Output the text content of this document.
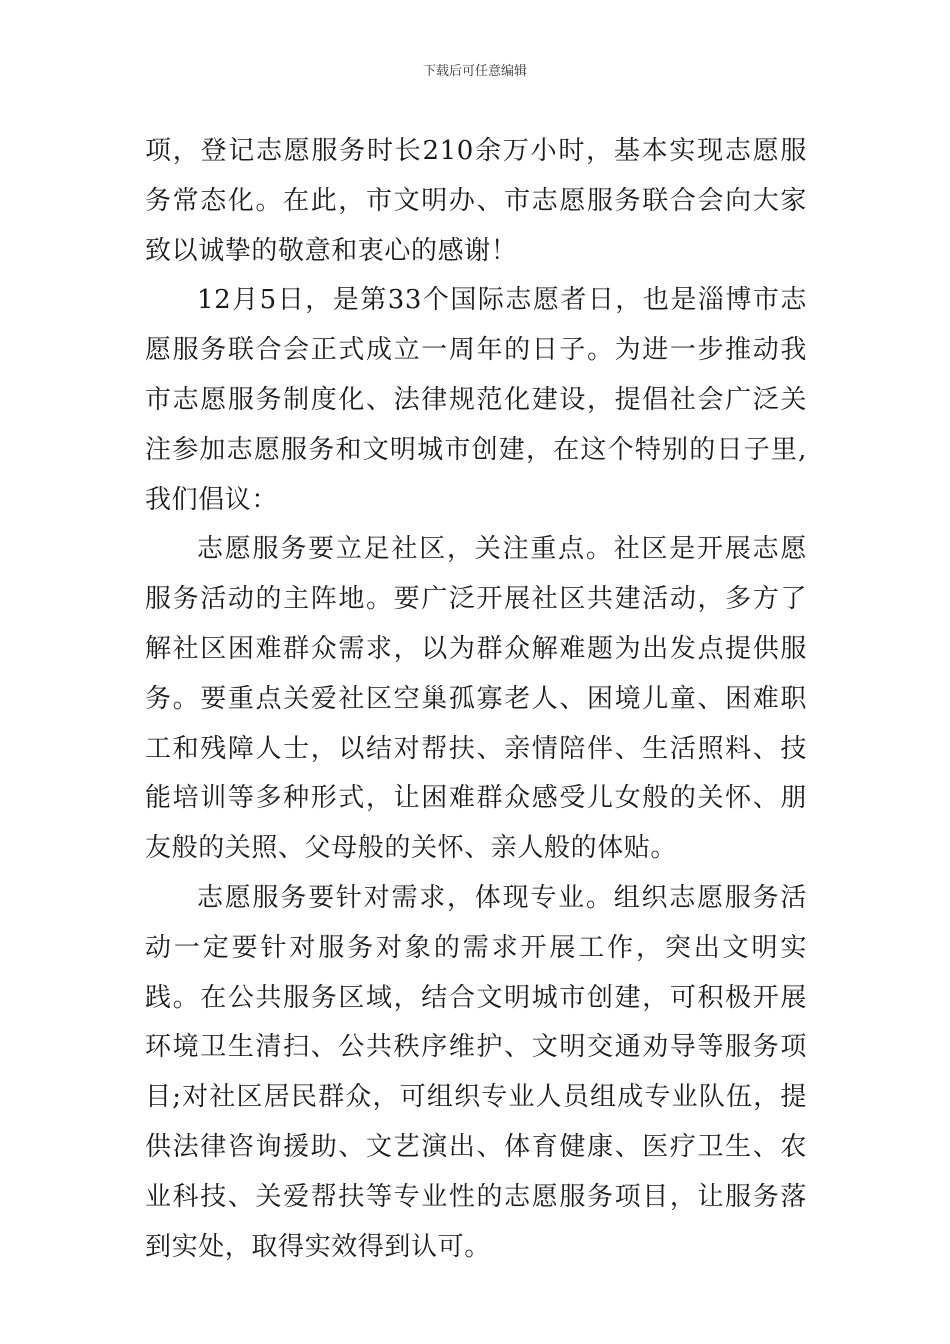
下载后可任意编辑

项，登记志愿服务时长210余万小时，基本实现志愿服务常态化。在此，市文明办、市志愿服务联合会向大家致以诚挚的敬意和衷心的感谢！

12月5日，是第33个国际志愿者日，也是淄博市志愿服务联合会正式成立一周年的日子。为进一步推动我市志愿服务制度化、法律规范化建设，提倡社会广泛关注参加志愿服务和文明城市创建，在这个特别的日子里,我们倡议：

志愿服务要立足社区，关注重点。社区是开展志愿服务活动的主阵地。要广泛开展社区共建活动，多方了解社区困难群众需求，以为群众解难题为出发点提供服务。要重点关爱社区空巢孤寡老人、困境儿童、困难职工和残障人士，以结对帮扶、亲情陪伴、生活照料、技能培训等多种形式，让困难群众感受儿女般的关怀、朋友般的关照、父母般的关怀、亲人般的体贴。

志愿服务要针对需求，体现专业。组织志愿服务活动一定要针对服务对象的需求开展工作，突出文明实践。在公共服务区域，结合文明城市创建，可积极开展环境卫生清扫、公共秩序维护、文明交通劝导等服务项目;对社区居民群众，可组织专业人员组成专业队伍，提供法律咨询援助、文艺演出、体育健康、医疗卫生、农业科技、关爱帮扶等专业性的志愿服务项目，让服务落到实处，取得实效得到认可。
